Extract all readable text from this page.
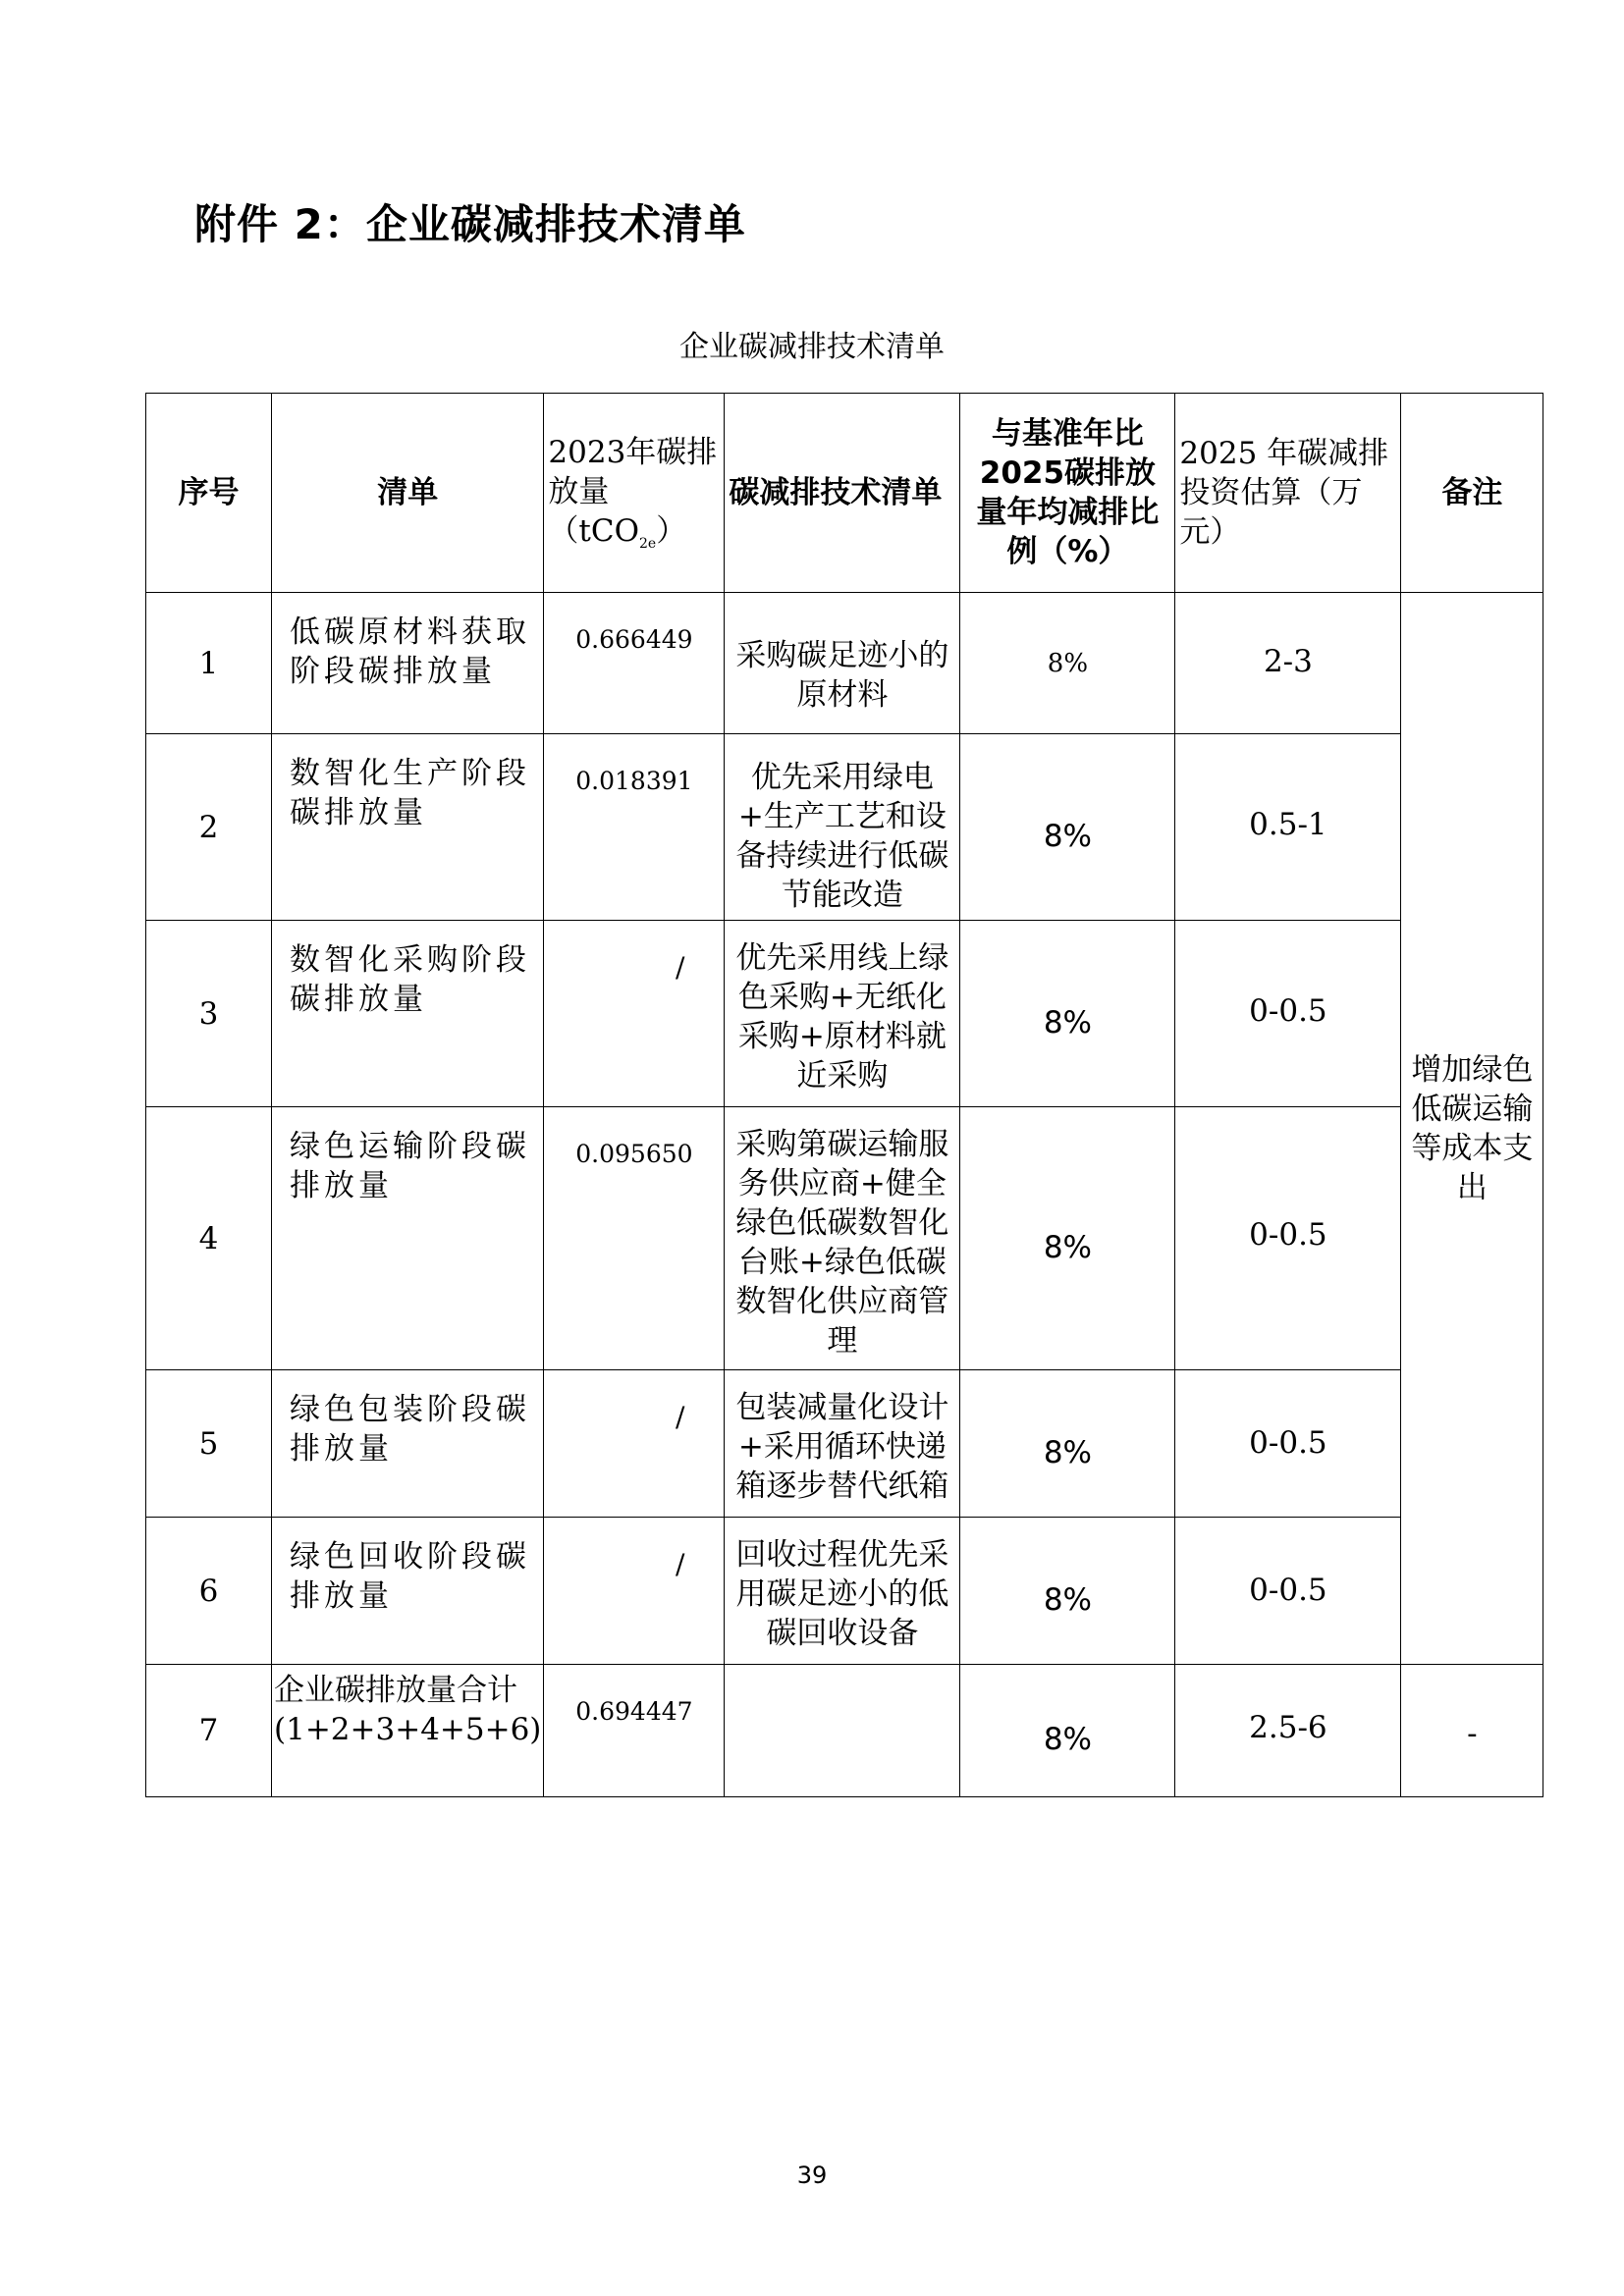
附件 2：企业碳减排技术清单
企业碳减排技术清单
序号	清单	2023年碳排放量（tCO$_{2e}$）	碳减排技术清单	与基准年比2025碳排放量年均减排比例（%）	2025 年碳减排投资估算（万元）	备注
1	低碳原材料获取阶段碳排放量	0.666449	采购碳足迹小的原材料	8%	2-3	增加绿色低碳运输等成本支出
2	数智化生产阶段碳排放量	0.018391	优先采用绿电+生产工艺和设备持续进行低碳节能改造	8%	0.5-1	
3	数智化采购阶段碳排放量	/	优先采用线上绿色采购+无纸化采购+原材料就近采购	8%	0-0.5	
4	绿色运输阶段碳排放量	0.095650	采购第碳运输服务供应商+健全绿色低碳数智化台账+绿色低碳数智化供应商管理	8%	0-0.5	
5	绿色包装阶段碳排放量	/	包装减量化设计+采用循环快递箱逐步替代纸箱	8%	0-0.5	
6	绿色回收阶段碳排放量	/	回收过程优先采用碳足迹小的低碳回收设备	8%	0-0.5	
7	企业碳排放量合计(1+2+3+4+5+6)	0.694447		8%	2.5-6	-
39
